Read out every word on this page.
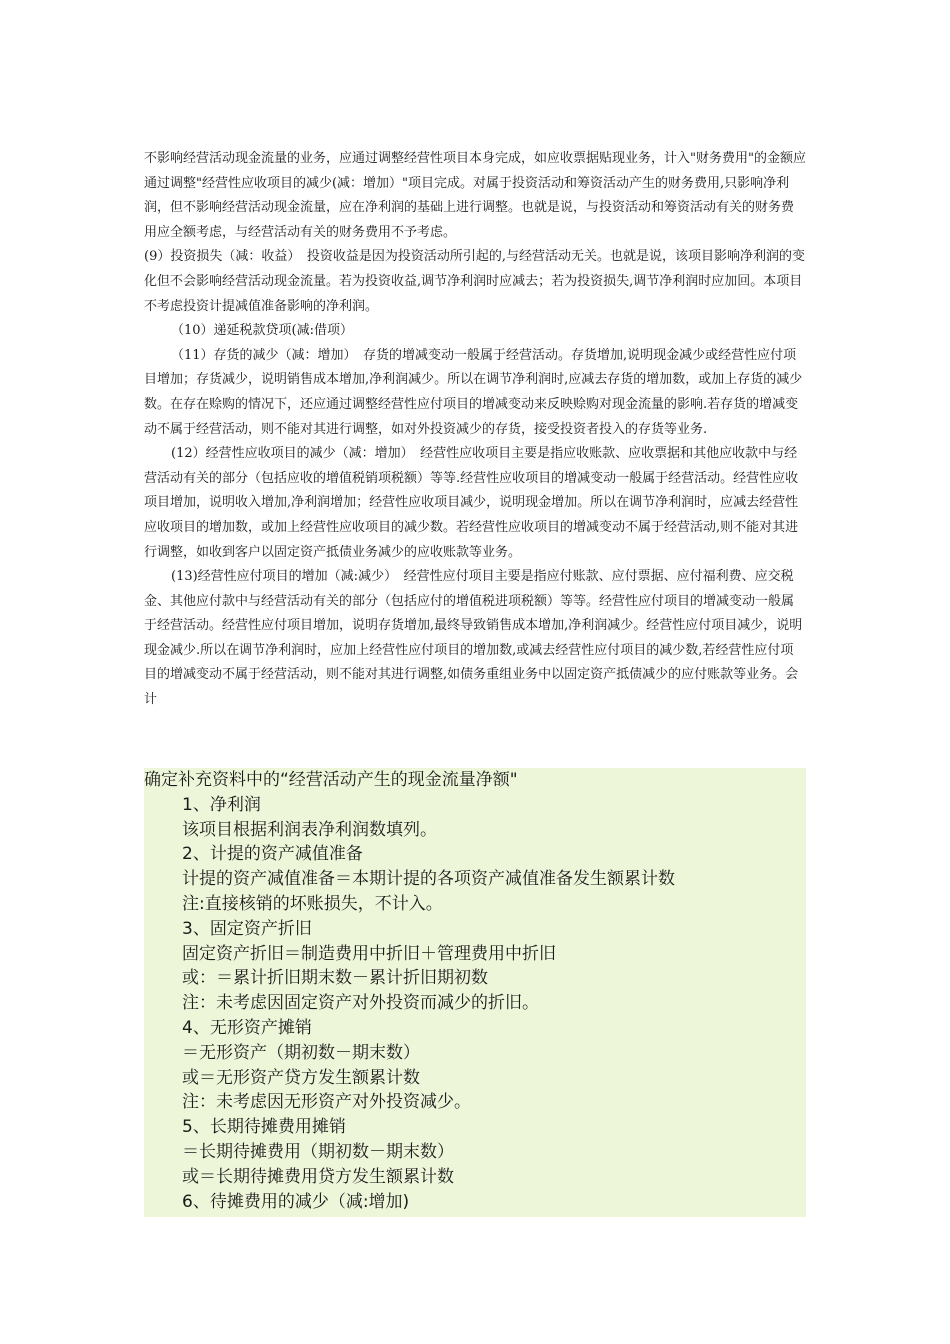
不影响经营活动现金流量的业务，应通过调整经营性项目本身完成，如应收票据贴现业务，计入"财务费用"的金额应通过调整"经营性应收项目的减少(减：增加）"项目完成。对属于投资活动和筹资活动产生的财务费用,只影响净利润，但不影响经营活动现金流量，应在净利润的基础上进行调整。也就是说，与投资活动和筹资活动有关的财务费用应全额考虑，与经营活动有关的财务费用不予考虑。

(9）投资损失（减：收益）　投资收益是因为投资活动所引起的,与经营活动无关。也就是说，该项目影响净利润的变化但不会影响经营活动现金流量。若为投资收益,调节净利润时应减去；若为投资损失,调节净利润时应加回。本项目不考虑投资计提减值准备影响的净利润。

（10）递延税款贷项(减:借项）

（11）存货的减少（减：增加）　存货的增减变动一般属于经营活动。存货增加,说明现金减少或经营性应付项目增加；存货减少，说明销售成本增加,净利润减少。所以在调节净利润时,应减去存货的增加数，或加上存货的减少数。在存在赊购的情况下，还应通过调整经营性应付项目的增减变动来反映赊购对现金流量的影响.若存货的增减变动不属于经营活动，则不能对其进行调整，如对外投资减少的存货，接受投资者投入的存货等业务.

(12）经营性应收项目的减少（减：增加）　经营性应收项目主要是指应收账款、应收票据和其他应收款中与经营活动有关的部分（包括应收的增值税销项税额）等等.经营性应收项目的增减变动一般属于经营活动。经营性应收项目增加，说明收入增加,净利润增加；经营性应收项目减少，说明现金增加。所以在调节净利润时，应减去经营性应收项目的增加数，或加上经营性应收项目的减少数。若经营性应收项目的增减变动不属于经营活动,则不能对其进行调整，如收到客户以固定资产抵债业务减少的应收账款等业务。

(13)经营性应付项目的增加（减:减少）　经营性应付项目主要是指应付账款、应付票据、应付福利费、应交税金、其他应付款中与经营活动有关的部分（包括应付的增值税进项税额）等等。经营性应付项目的增减变动一般属于经营活动。经营性应付项目增加，说明存货增加,最终导致销售成本增加,净利润减少。经营性应付项目减少，说明现金减少.所以在调节净利润时，应加上经营性应付项目的增加数,或减去经营性应付项目的减少数,若经营性应付项目的增减变动不属于经营活动，则不能对其进行调整,如债务重组业务中以固定资产抵债减少的应付账款等业务。会计

确定补充资料中的“经营活动产生的现金流量净额"
1、净利润
该项目根据利润表净利润数填列。
2、计提的资产减值准备
计提的资产减值准备＝本期计提的各项资产减值准备发生额累计数
注:直接核销的坏账损失，不计入。
3、固定资产折旧
固定资产折旧＝制造费用中折旧＋管理费用中折旧
或：＝累计折旧期末数－累计折旧期初数
注：未考虑因固定资产对外投资而减少的折旧。
4、无形资产摊销
＝无形资产（期初数－期末数）
或＝无形资产贷方发生额累计数
注：未考虑因无形资产对外投资减少。
5、长期待摊费用摊销
＝长期待摊费用（期初数－期末数）
或＝长期待摊费用贷方发生额累计数
6、待摊费用的减少（减:增加)
